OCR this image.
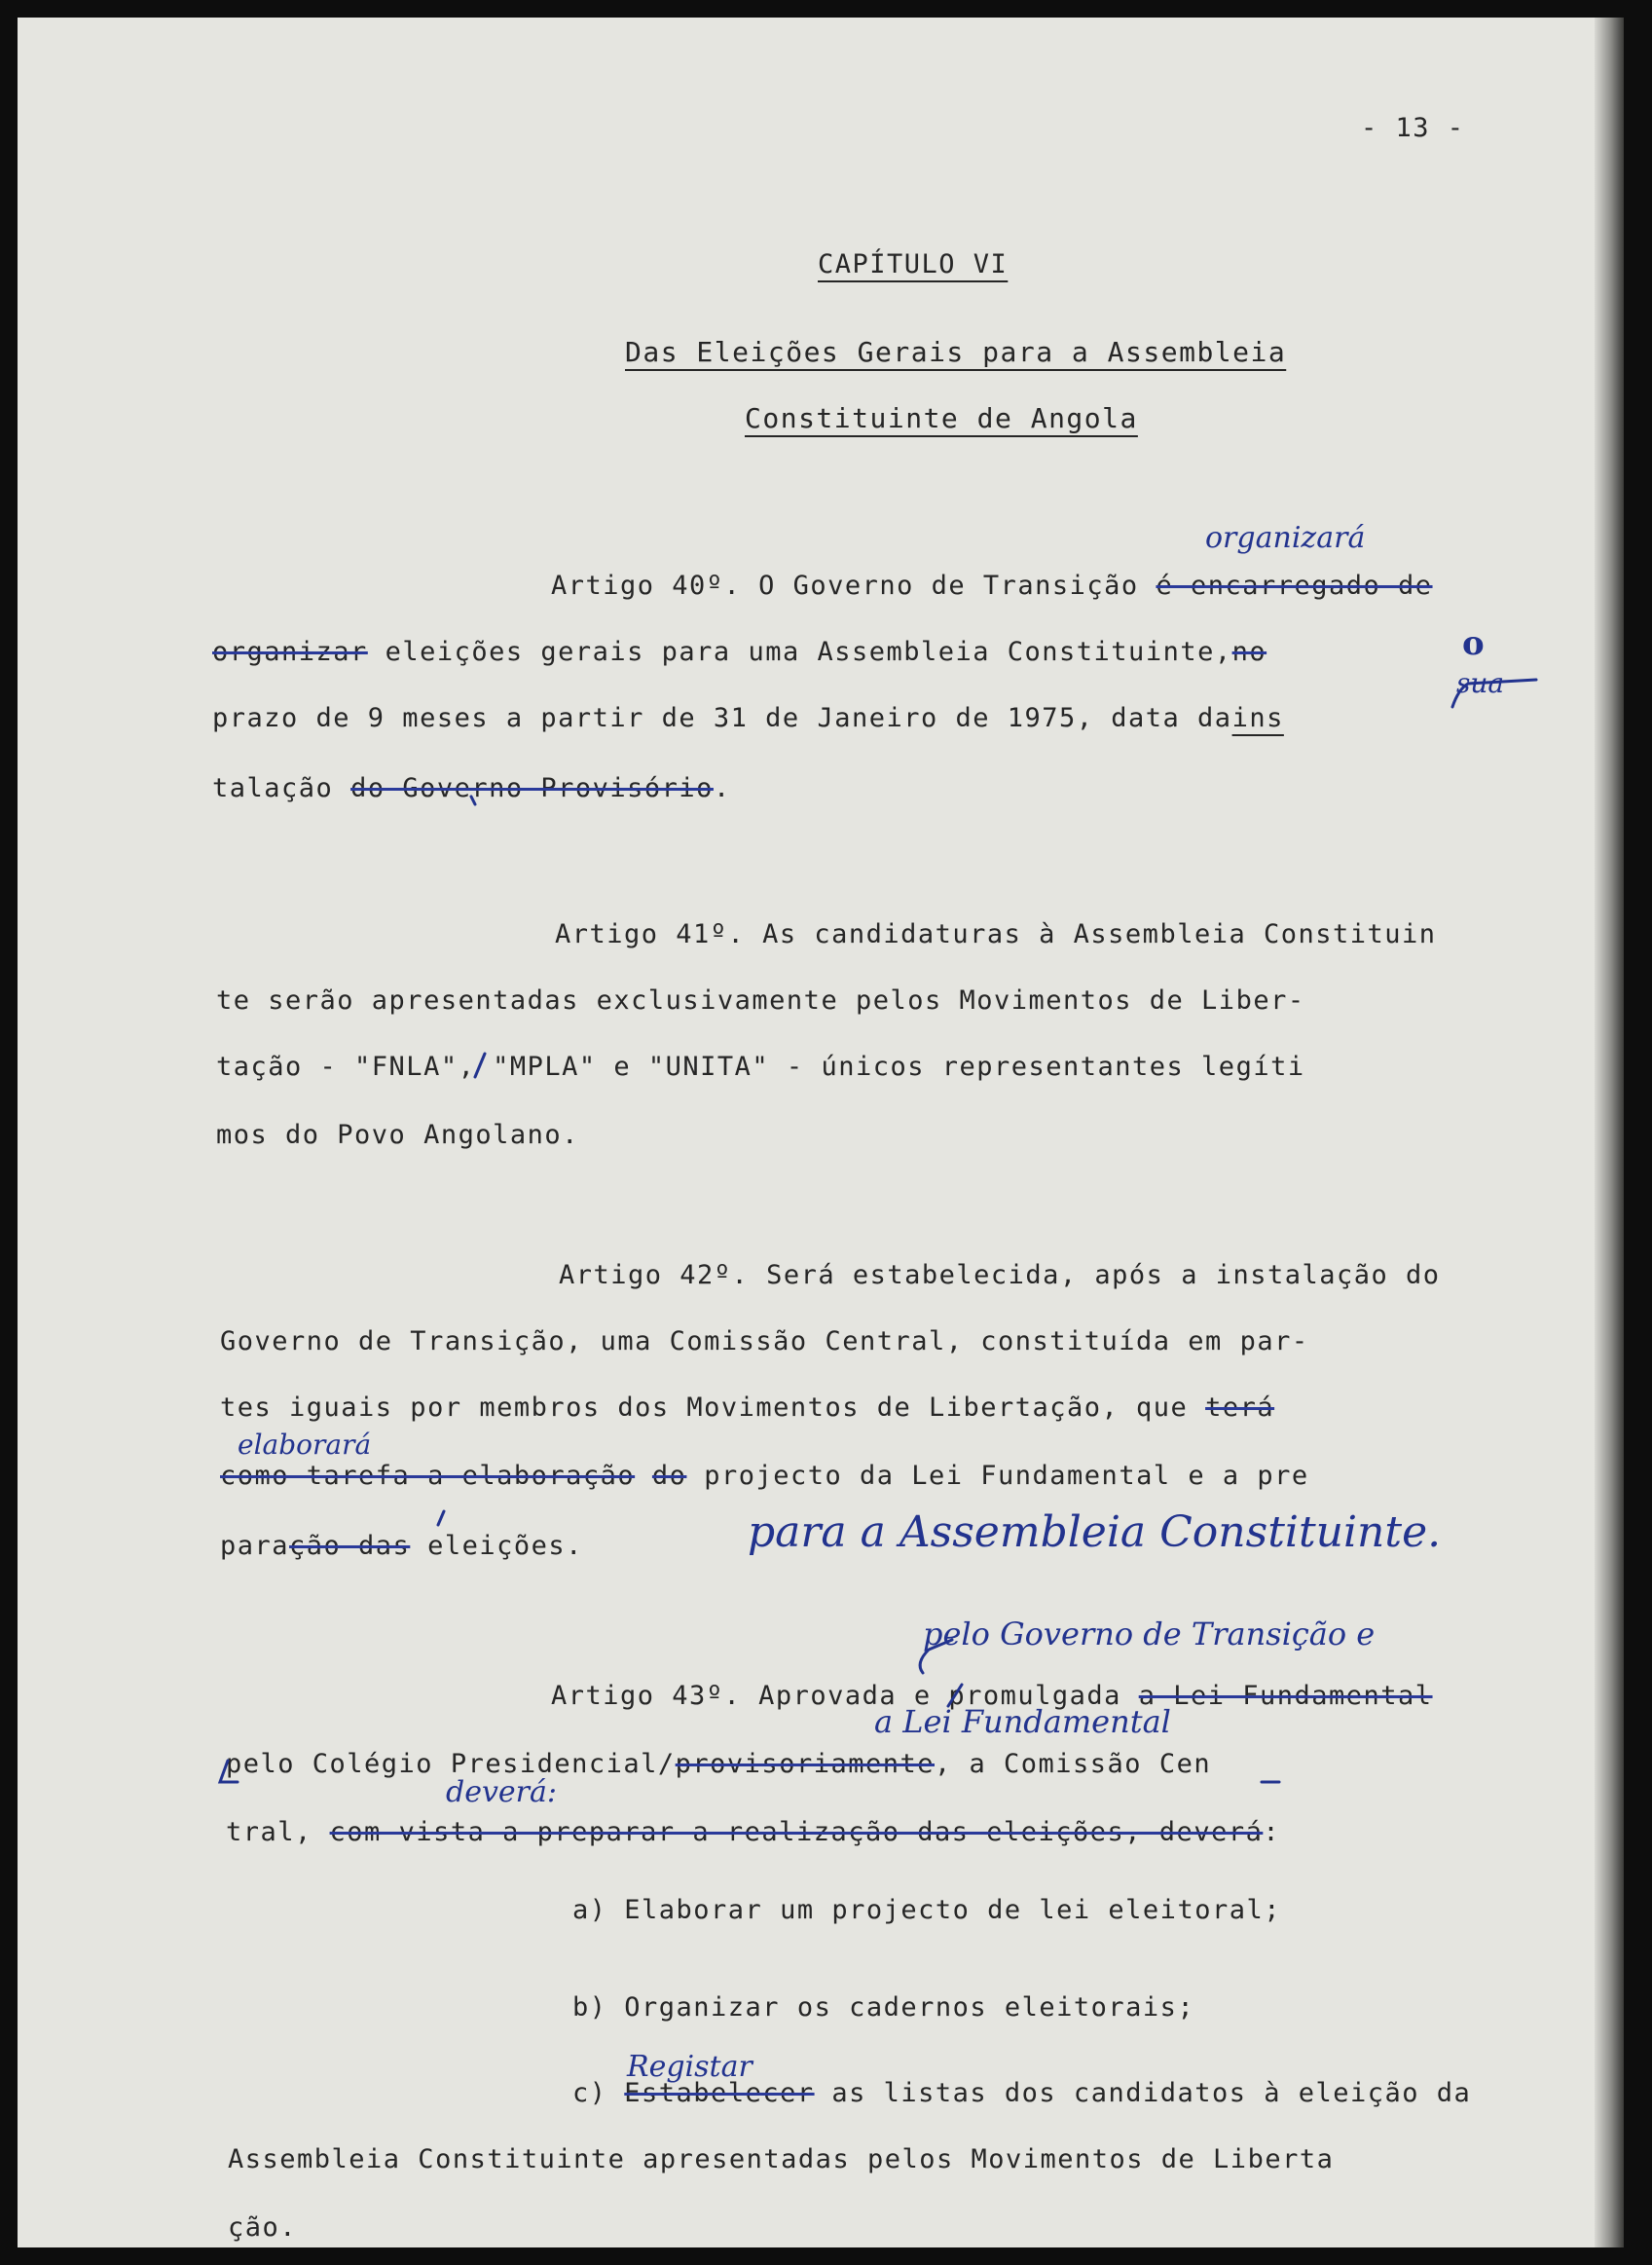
- 13 -
CAPÍTULO VI
Das Eleições Gerais para a Assembleia
Constituinte de Angola
organizará
Artigo 40º. O Governo de Transição é encarregado de
organizar eleições gerais para uma Assembleia Constituinte,no	o
sua
prazo de 9 meses a partir de 31 de Janeiro de 1975, data dains
talação do Governo Provisório.
Artigo 41º. As candidaturas à Assembleia Constituin
te serão apresentadas exclusivamente pelos Movimentos de Liber-
tação - "FNLA", "MPLA" e "UNITA" - únicos representantes legíti
mos do Povo Angolano.
Artigo 42º. Será estabelecida, após a instalação do
Governo de Transição, uma Comissão Central, constituída em par-
tes iguais por membros dos Movimentos de Libertação, que terá
elaborará
como tarefa a elaboração do projecto da Lei Fundamental e a pre
paração das eleições.	para a Assembleia Constituinte.
pelo Governo de Transição e
Artigo 43º. Aprovada e promulgada a Lei Fundamental
a Lei Fundamental
pelo Colégio Presidencial/provisoriamente, a Comissão Cen
deverá:
tral, com vista a preparar a realização das eleições, deverá:
a) Elaborar um projecto de lei eleitoral;
b) Organizar os cadernos eleitorais;
Registar
c) Estabelecer as listas dos candidatos à eleição da
Assembleia Constituinte apresentadas pelos Movimentos de Liberta
ção.
